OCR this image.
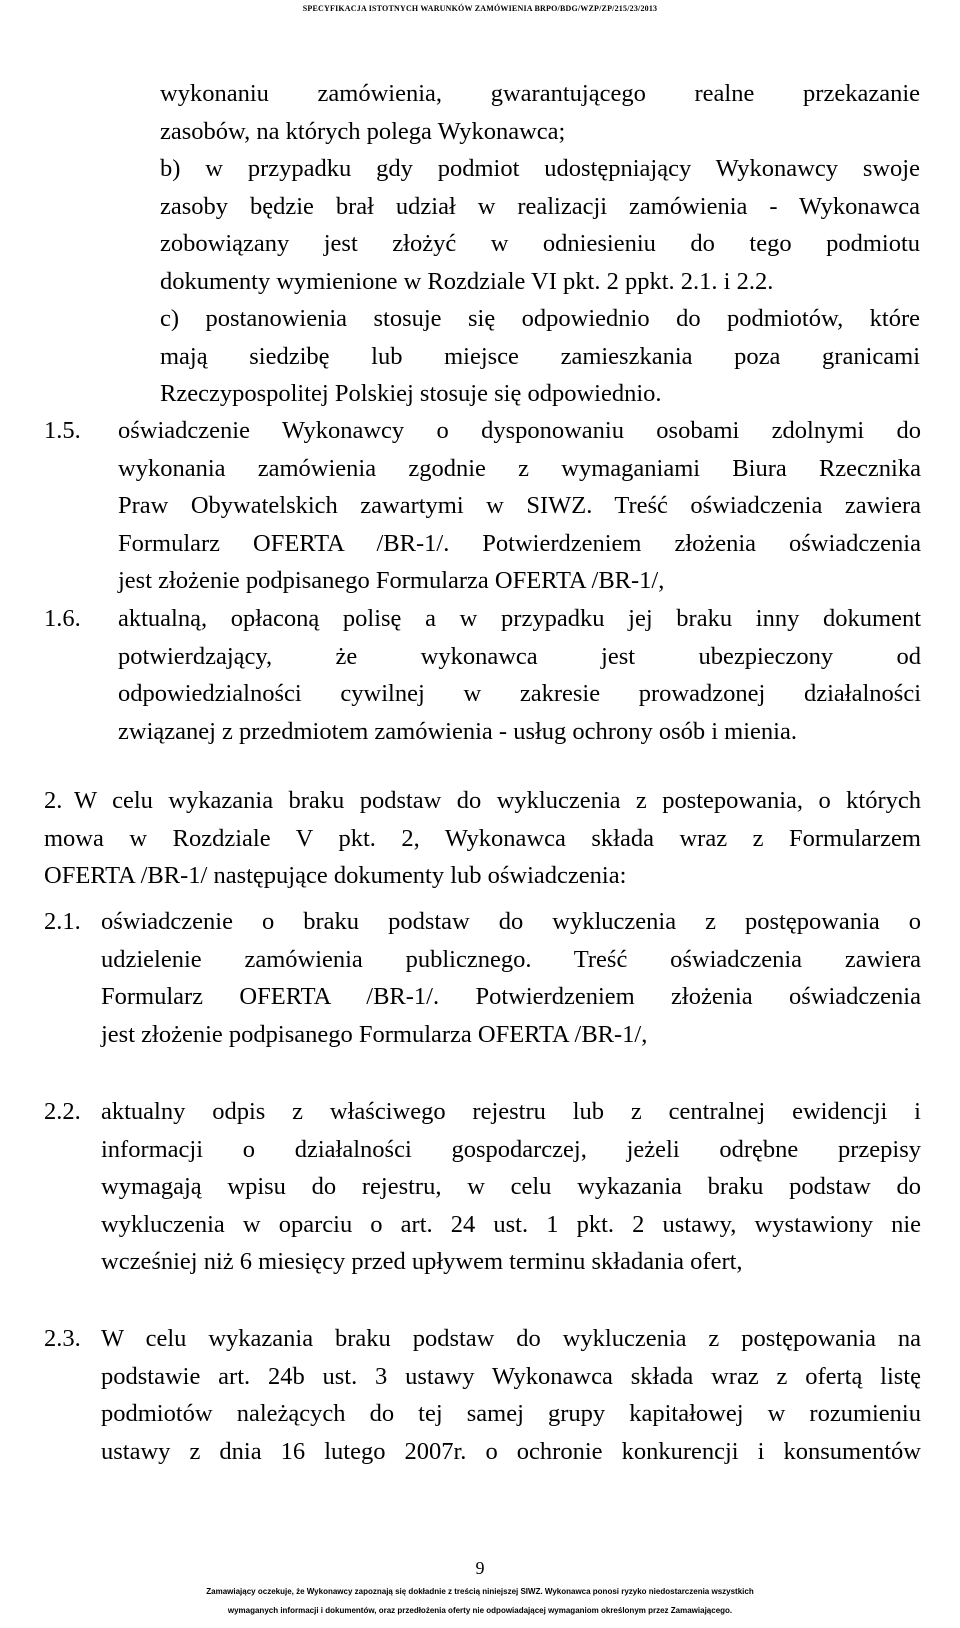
SPECYFIKACJA ISTOTNYCH WARUNKÓW ZAMÓWIENIA BRPO/BDG/WZP/ZP/215/23/2013
wykonaniu zamówienia, gwarantującego realne przekazanie
zasobów, na których polega Wykonawca;
b) w przypadku gdy podmiot udostępniający Wykonawcy swoje
zasoby będzie brał udział w realizacji zamówienia - Wykonawca
zobowiązany jest złożyć w odniesieniu do tego podmiotu
dokumenty wymienione w Rozdziale VI pkt. 2 ppkt. 2.1. i 2.2.
c) postanowienia stosuje się odpowiednio do podmiotów, które
mają siedzibę lub miejsce zamieszkania poza granicami
Rzeczypospolitej Polskiej stosuje się odpowiednio.
1.5. oświadczenie Wykonawcy o dysponowaniu osobami zdolnymi do
wykonania zamówienia zgodnie z wymaganiami Biura Rzecznika
Praw Obywatelskich zawartymi w SIWZ. Treść oświadczenia zawiera
Formularz OFERTA /BR-1/. Potwierdzeniem złożenia oświadczenia
jest złożenie podpisanego Formularza OFERTA /BR-1/,
1.6. aktualną, opłaconą polisę a w przypadku jej braku inny dokument
potwierdzający, że wykonawca jest ubezpieczony od
odpowiedzialności cywilnej w zakresie prowadzonej działalności
związanej z przedmiotem zamówienia - usług ochrony osób i mienia.
2. W celu wykazania braku podstaw do wykluczenia z postepowania, o których
mowa w Rozdziale V pkt. 2, Wykonawca składa wraz z Formularzem
OFERTA /BR-1/ następujące dokumenty lub oświadczenia:
2.1. oświadczenie o braku podstaw do wykluczenia z postępowania o
udzielenie zamówienia publicznego. Treść oświadczenia zawiera
Formularz OFERTA /BR-1/. Potwierdzeniem złożenia oświadczenia
jest złożenie podpisanego Formularza OFERTA /BR-1/,
2.2. aktualny odpis z właściwego rejestru lub z centralnej ewidencji i
informacji o działalności gospodarczej, jeżeli odrębne przepisy
wymagają wpisu do rejestru, w celu wykazania braku podstaw do
wykluczenia w oparciu o art. 24 ust. 1 pkt. 2 ustawy, wystawiony nie
wcześniej niż 6 miesięcy przed upływem terminu składania ofert,
2.3. W celu wykazania braku podstaw do wykluczenia z postępowania na
podstawie art. 24b ust. 3 ustawy Wykonawca składa wraz z ofertą listę
podmiotów należących do tej samej grupy kapitałowej w rozumieniu
ustawy z dnia 16 lutego 2007r. o ochronie konkurencji i konsumentów
9
Zamawiający oczekuje, że Wykonawcy zapoznają się dokładnie z treścią niniejszej SIWZ. Wykonawca ponosi ryzyko niedostarczenia wszystkich
wymaganych informacji i dokumentów, oraz przedłożenia oferty nie odpowiadającej wymaganiom określonym przez Zamawiającego.
